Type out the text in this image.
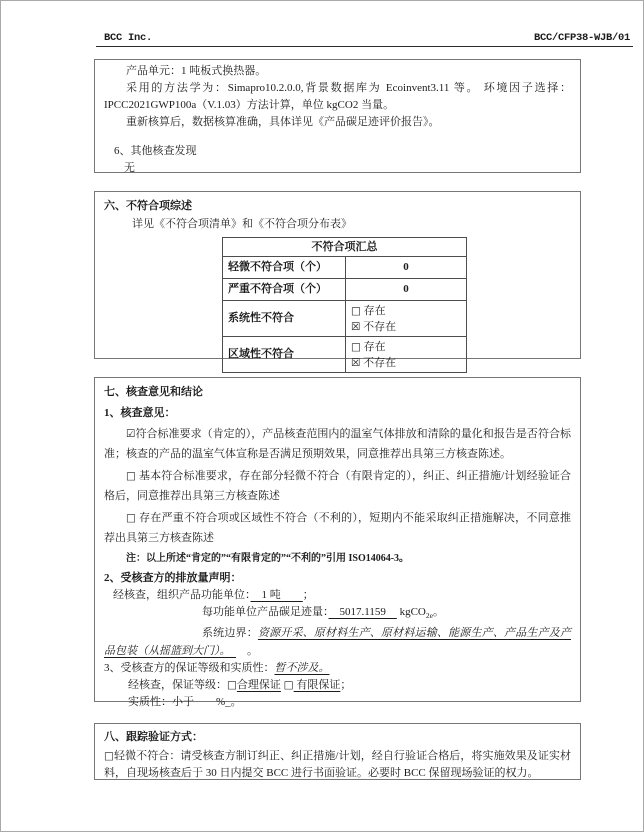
BCC Inc.	BCC/CFP38-WJB/01

产品单元：1 吨板式换热器。

采用的方法学为：Simapro10.2.0.0,背景数据库为 Ecoinvent3.11 等。 环境因子选择：IPCC2021GWP100a（V.1.03）方法计算，单位 kgCO2 当量。

重新核算后，数据核算准确，具体详见《产品碳足迹评价报告》。

6、其他核查发现

无

六、不符合项综述

详见《不符合项清单》和《不符合项分布表》

不符合项汇总	
轻微不符合项（个）	0
严重不符合项（个）	0
系统性不符合	□ 存在
☒ 不存在

区域性不符合	□ 存在
☒ 不存在

七、核查意见和结论

1、核查意见：

☑符合标准要求（肯定的），产品核查范围内的温室气体排放和清除的量化和报告是否符合标准；核查的产品的温室气体宣称是否满足预期效果，同意推荐出具第三方核查陈述。

□ 基本符合标准要求，存在部分轻微不符合（有限肯定的），纠正、纠正措施/计划经验证合格后，同意推荐出具第三方核查陈述

□ 存在严重不符合项或区域性不符合（不利的），短期内不能采取纠正措施解决，不同意推荐出具第三方核查陈述

注：以上所述“肯定的”“有限肯定的”“不利的”引用 ISO14064-3。

2、受核查方的排放量声明：

经核查，组织产品功能单位：　1 吨　　；

每功能单位产品碳足迹量：　5017.1159　 kgCO$_{2e}$。

系统边界：资源开采、原材料生产、原材料运输、能源生产、产品生产及产品包装（从摇篮到大门）。　　。

3、受核查方的保证等级和实质性：暂不涉及。

经核查，保证等级：□合理保证 □ 有限保证；

实质性：小于　　%_。

八、跟踪验证方式：

□轻微不符合：请受核查方制订纠正、纠正措施/计划，经自行验证合格后，将实施效果及证实材料，自现场核查后于 30 日内提交 BCC 进行书面验证。必要时 BCC 保留现场验证的权力。
